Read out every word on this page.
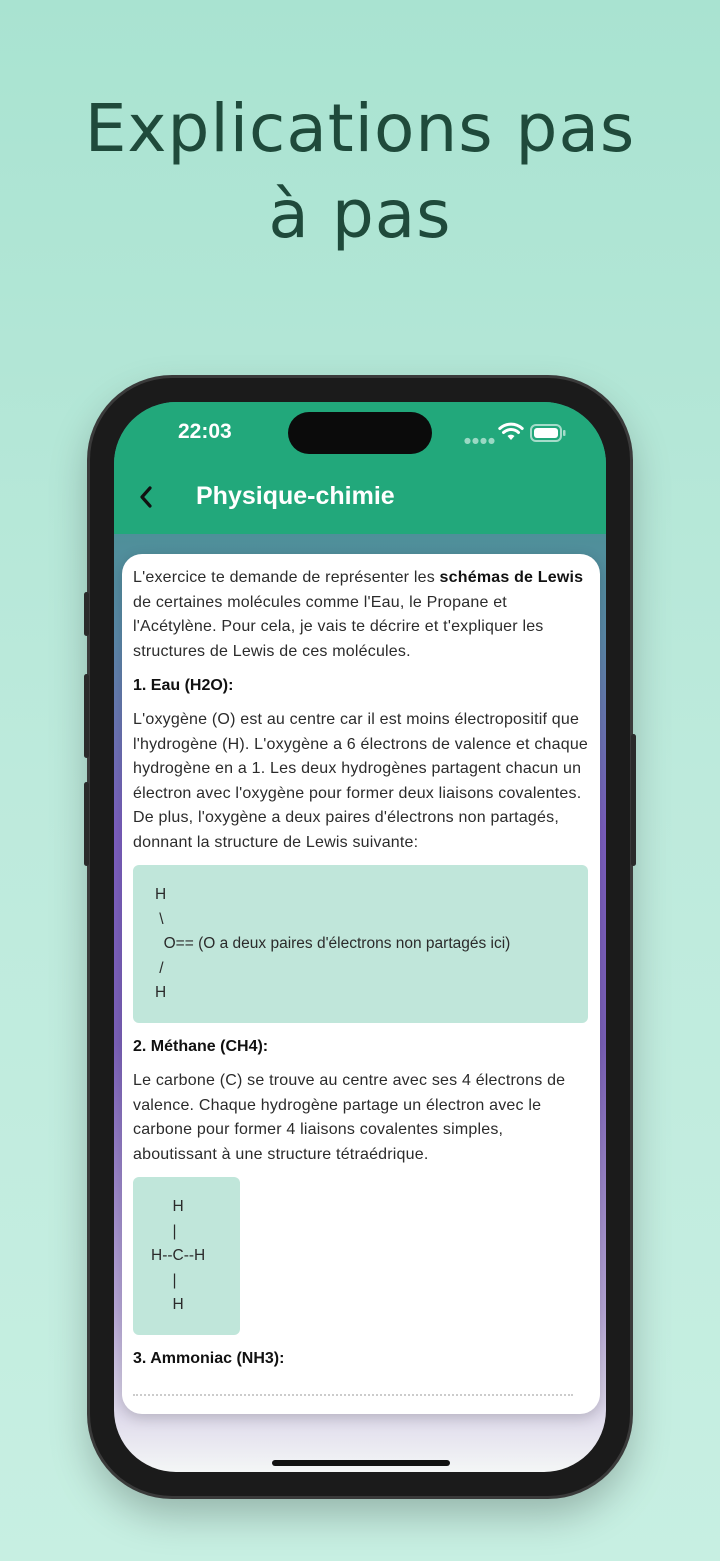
Explications pas
à pas
22:03	●●●●
Physique-chimie

L'exercice te demande de représenter les schémas de Lewis de certaines molécules comme l'Eau, le Propane et l'Acétylène. Pour cela, je vais te décrire et t'expliquer les structures de Lewis de ces molécules.

1. Eau (H2O):

L'oxygène (O) est au centre car il est moins électropositif que l'hydrogène (H). L'oxygène a 6 électrons de valence et chaque hydrogène en a 1. Les deux hydrogènes partagent chacun un électron avec l'oxygène pour former deux liaisons covalentes. De plus, l'oxygène a deux paires d'électrons non partagés, donnant la structure de Lewis suivante:

H
\
O== (O a deux paires d'électrons non partagés ici)
/
H

2. Méthane (CH4):

Le carbone (C) se trouve au centre avec ses 4 électrons de valence. Chaque hydrogène partage un électron avec le carbone pour former 4 liaisons covalentes simples, aboutissant à une structure tétraédrique.

H
|
H--C--H
|
H

3. Ammoniac (NH3):
